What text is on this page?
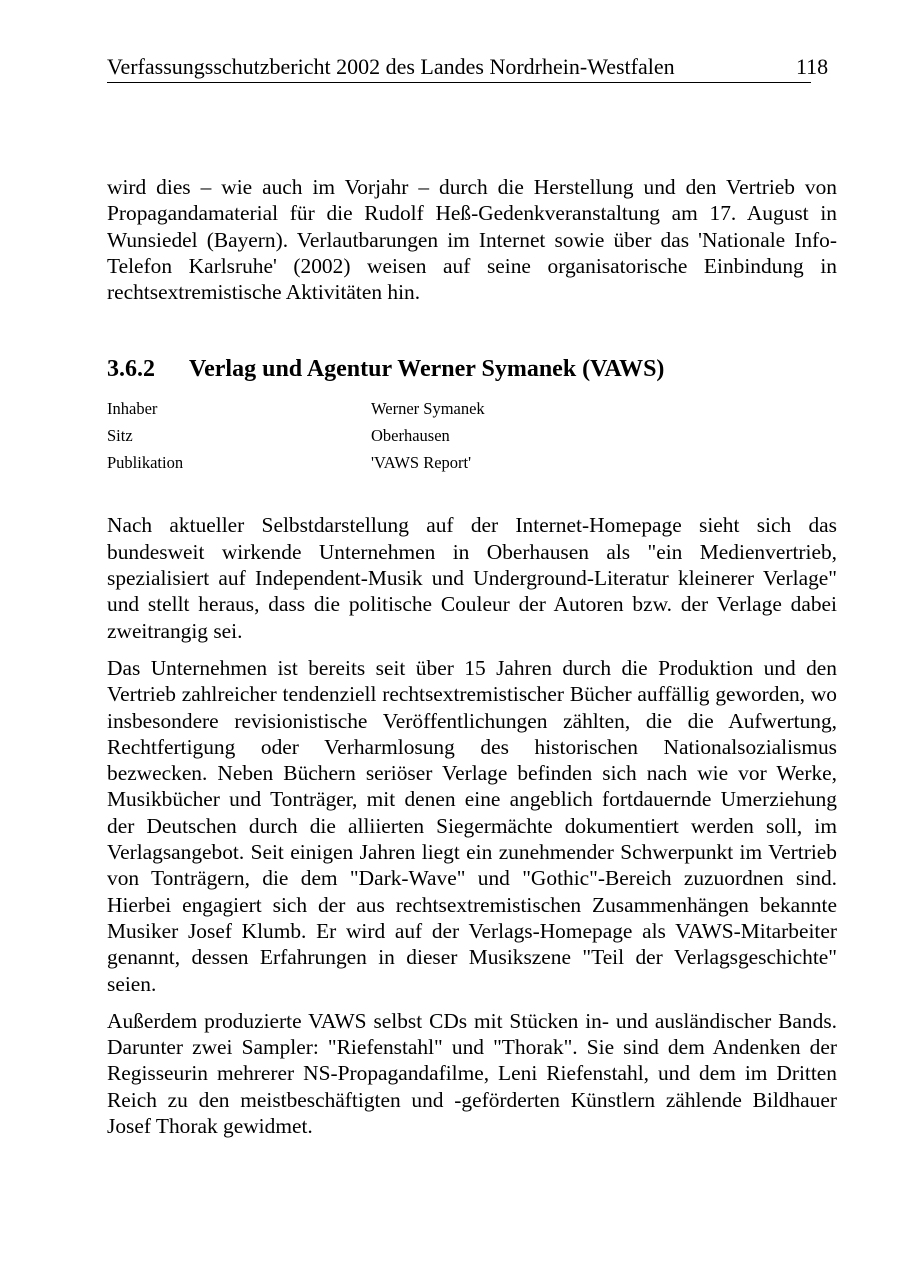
Verfassungsschutzbericht 2002 des Landes Nordrhein-Westfalen	118

wird dies – wie auch im Vorjahr – durch die Herstellung und den Vertrieb von Propagandamaterial für die Rudolf Heß-Gedenkveranstaltung am 17. August in Wunsiedel (Bayern). Verlautbarungen im Internet sowie über das 'Nationale Info-Telefon Karlsruhe' (2002) weisen auf seine organisatorische Einbindung in rechtsextremistische Aktivitäten hin.

3.6.2 Verlag und Agentur Werner Symanek (VAWS)
Inhaber	Werner Symanek
Sitz	Oberhausen
Publikation	'VAWS Report'

Nach aktueller Selbstdarstellung auf der Internet-Homepage sieht sich das bundesweit wirkende Unternehmen in Oberhausen als "ein Medienvertrieb, spezialisiert auf Independent-Musik und Underground-Literatur kleinerer Verlage" und stellt heraus, dass die politische Couleur der Autoren bzw. der Verlage dabei zweitrangig sei.

Das Unternehmen ist bereits seit über 15 Jahren durch die Produktion und den Vertrieb zahlreicher tendenziell rechtsextremistischer Bücher auffällig geworden, wo insbesondere revisionistische Veröffentlichungen zählten, die die Aufwertung, Rechtfertigung oder Verharmlosung des historischen Nationalsozialismus bezwecken. Neben Büchern seriöser Verlage befinden sich nach wie vor Werke, Musikbücher und Tonträger, mit denen eine angeblich fortdauernde Umerziehung der Deutschen durch die alliierten Siegermächte dokumentiert werden soll, im Verlagsangebot. Seit einigen Jahren liegt ein zunehmender Schwerpunkt im Vertrieb von Tonträgern, die dem "Dark-Wave" und "Gothic"-Bereich zuzuordnen sind. Hierbei engagiert sich der aus rechtsextremistischen Zusammenhängen bekannte Musiker Josef Klumb. Er wird auf der Verlags-Homepage als VAWS-Mitarbeiter genannt, dessen Erfahrungen in dieser Musikszene "Teil der Verlagsgeschichte" seien.

Außerdem produzierte VAWS selbst CDs mit Stücken in- und ausländischer Bands. Darunter zwei Sampler: "Riefenstahl" und "Thorak". Sie sind dem Andenken der Regisseurin mehrerer NS-Propagandafilme, Leni Riefenstahl, und dem im Dritten Reich zu den meistbeschäftigten und -geförderten Künstlern zählende Bildhauer Josef Thorak gewidmet.
